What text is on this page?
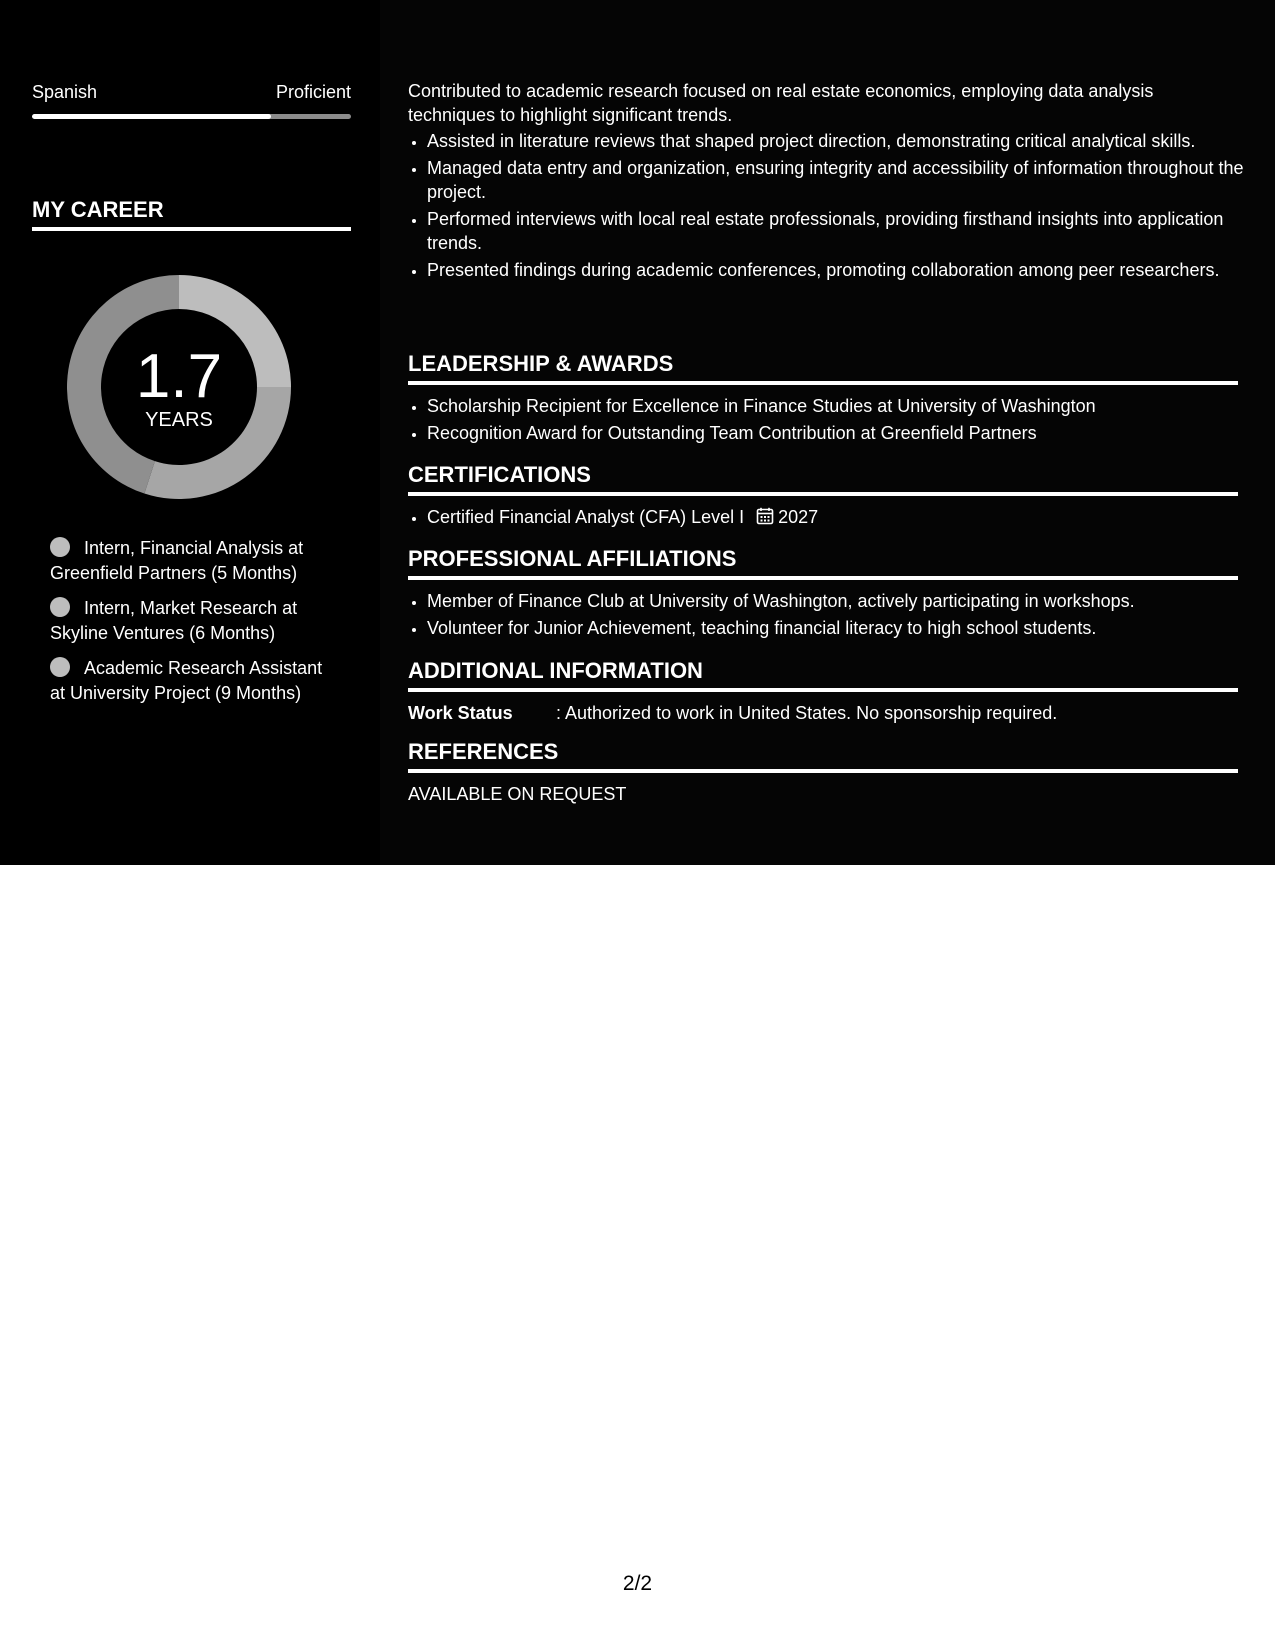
Spanish	Proficient
MY CAREER
1.7
YEARS
Intern, Financial Analysis at Greenfield Partners (5 Months)
Intern, Market Research at Skyline Ventures (6 Months)
Academic Research Assistant at University Project (9 Months)
Contributed to academic research focused on real estate economics, employing data analysis techniques to highlight significant trends.
• Assisted in literature reviews that shaped project direction, demonstrating critical analytical skills.
• Managed data entry and organization, ensuring integrity and accessibility of information throughout the project.
• Performed interviews with local real estate professionals, providing firsthand insights into application trends.
• Presented findings during academic conferences, promoting collaboration among peer researchers.
LEADERSHIP & AWARDS
• Scholarship Recipient for Excellence in Finance Studies at University of Washington
• Recognition Award for Outstanding Team Contribution at Greenfield Partners
CERTIFICATIONS
• Certified Financial Analyst (CFA) Level I 2027
PROFESSIONAL AFFILIATIONS
• Member of Finance Club at University of Washington, actively participating in workshops.
• Volunteer for Junior Achievement, teaching financial literacy to high school students.
ADDITIONAL INFORMATION
Work Status : Authorized to work in United States. No sponsorship required.
REFERENCES
AVAILABLE ON REQUEST
2/2
